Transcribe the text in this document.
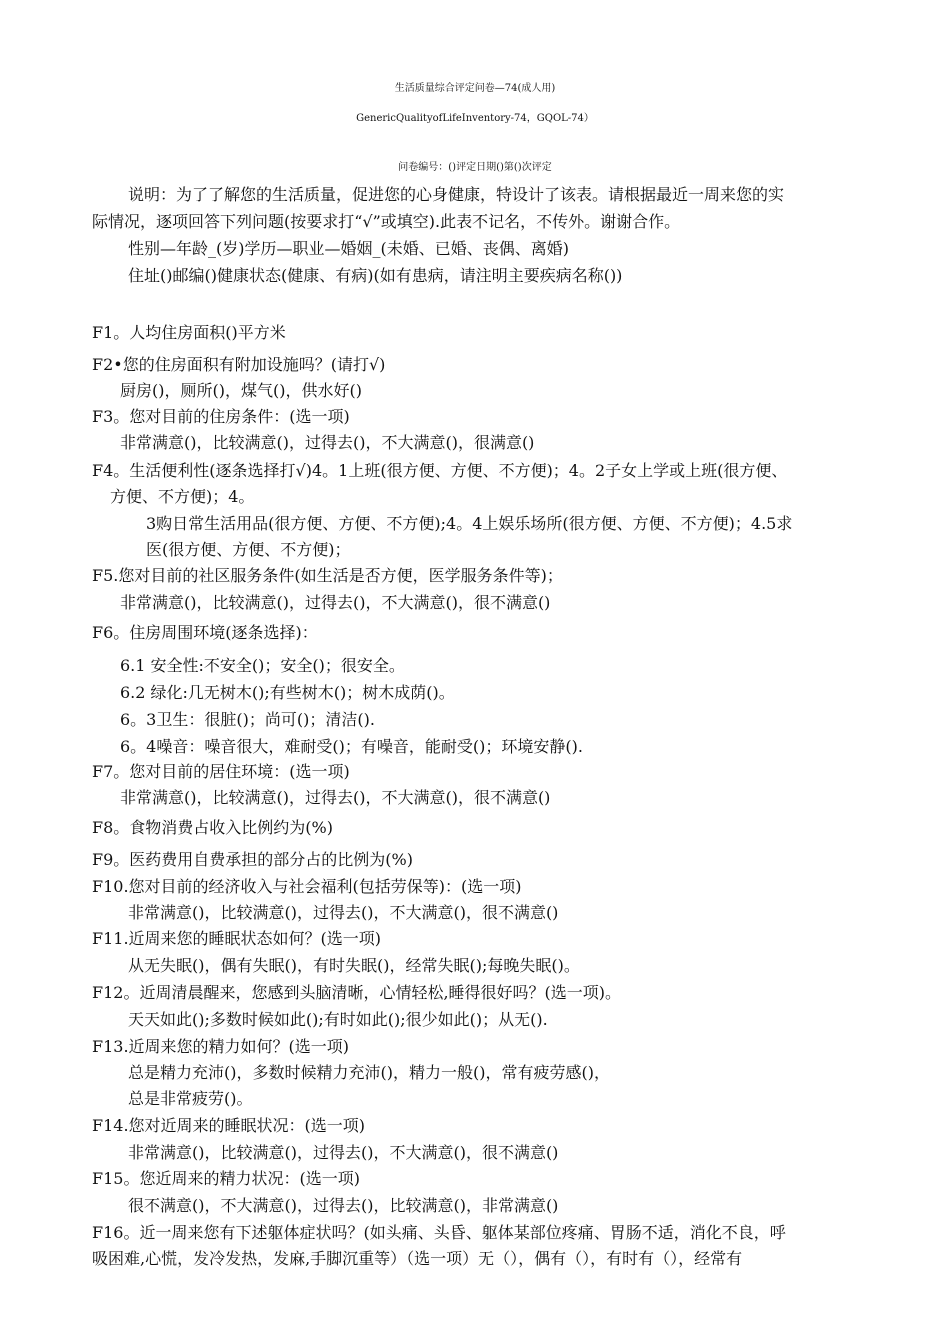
生活质量综合评定问卷—74(成人用)
GenericQualityofLifeInventory-74，GQOL-74）
问卷编号：()评定日期()第()次评定
说明：为了了解您的生活质量，促进您的心身健康，特设计了该表。请根据最近一周来您的实
际情况，逐项回答下列问题(按要求打“√”或填空).此表不记名，不传外。谢谢合作。
性别—年龄_(岁)学历—职业—婚姻_(未婚、已婚、丧偶、离婚)
住址()邮编()健康状态(健康、有病)(如有患病，请注明主要疾病名称())
F1。人均住房面积()平方米
F2•您的住房面积有附加设施吗？(请打√)
厨房()，厕所()，煤气()，供水好()
F3。您对目前的住房条件：(选一项)
非常满意()，比较满意()，过得去()，不大满意()，很满意()
F4。生活便利性(逐条选择打√)4。1上班(很方便、方便、不方便)；4。2子女上学或上班(很方便、
方便、不方便)；4。
3购日常生活用品(很方便、方便、不方便);4。4上娱乐场所(很方便、方便、不方便)；4.5求
医(很方便、方便、不方便)；
F5.您对目前的社区服务条件(如生活是否方便，医学服务条件等)；
非常满意()，比较满意()，过得去()，不大满意()，很不满意()
F6。住房周围环境(逐条选择)：
6.1 安全性:不安全()；安全()；很安全。
6.2 绿化:几无树木();有些树木()；树木成荫()。
6。3卫生：很脏()；尚可()；清洁().
6。4噪音：噪音很大，难耐受()；有噪音，能耐受()；环境安静().
F7。您对目前的居住环境：(选一项)
非常满意()，比较满意()，过得去()，不大满意()，很不满意()
F8。食物消费占收入比例约为(%)
F9。医药费用自费承担的部分占的比例为(%)
F10.您对目前的经济收入与社会福利(包括劳保等)：(选一项)
非常满意()，比较满意()，过得去()，不大满意()，很不满意()
F11.近周来您的睡眠状态如何？(选一项)
从无失眠()，偶有失眠()，有时失眠()，经常失眠();每晚失眠()。
F12。近周清晨醒来，您感到头脑清晰，心情轻松,睡得很好吗？(选一项)。
天天如此();多数时候如此();有时如此();很少如此()；从无().
F13.近周来您的精力如何？(选一项)
总是精力充沛()，多数时候精力充沛()，精力一般()，常有疲劳感()，
总是非常疲劳()。
F14.您对近周来的睡眠状况：(选一项)
非常满意()，比较满意()，过得去()，不大满意()，很不满意()
F15。您近周来的精力状况：(选一项)
很不满意()，不大满意()，过得去()，比较满意()，非常满意()
F16。近一周来您有下述躯体症状吗？(如头痛、头昏、躯体某部位疼痛、胃肠不适，消化不良，呼
吸困难,心慌，发冷发热，发麻,手脚沉重等）（选一项）无（），偶有（），有时有（），经常有
